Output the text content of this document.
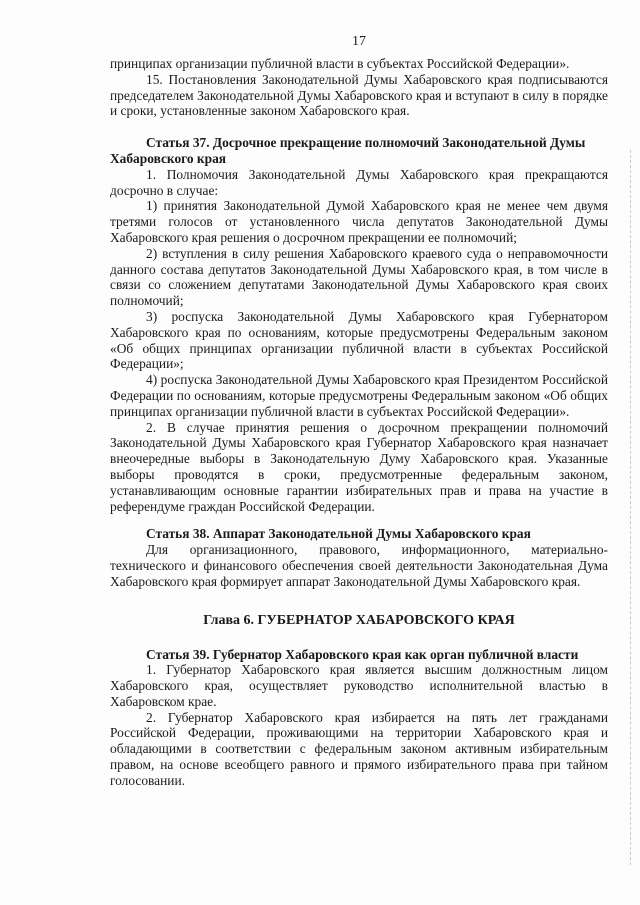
17

принципах организации публичной власти в субъектах Российской Федерации».

15. Постановления Законодательной Думы Хабаровского края подписываются председателем Законодательной Думы Хабаровского края и вступают в силу в порядке и сроки, установленные законом Хабаровского края.

Статья 37. Досрочное прекращение полномочий Законодательной Думы Хабаровского края

1. Полномочия Законодательной Думы Хабаровского края прекращаются досрочно в случае:

1) принятия Законодательной Думой Хабаровского края не менее чем двумя третями голосов от установленного числа депутатов Законодательной Думы Хабаровского края решения о досрочном прекращении ее полномочий;

2) вступления в силу решения Хабаровского краевого суда о неправомочности данного состава депутатов Законодательной Думы Хабаровского края, в том числе в связи со сложением депутатами Законодательной Думы Хабаровского края своих полномочий;

3) роспуска Законодательной Думы Хабаровского края Губернатором Хабаровского края по основаниям, которые предусмотрены Федеральным законом «Об общих принципах организации публичной власти в субъектах Российской Федерации»;

4) роспуска Законодательной Думы Хабаровского края Президентом Российской Федерации по основаниям, которые предусмотрены Федеральным законом «Об общих принципах организации публичной власти в субъектах Российской Федерации».

2. В случае принятия решения о досрочном прекращении полномочий Законодательной Думы Хабаровского края Губернатор Хабаровского края назначает внеочередные выборы в Законодательную Думу Хабаровского края. Указанные выборы проводятся в сроки, предусмотренные федеральным законом, устанавливающим основные гарантии избирательных прав и права на участие в референдуме граждан Российской Федерации.

Статья 38. Аппарат Законодательной Думы Хабаровского края

Для организационного, правового, информационного, материально-технического и финансового обеспечения своей деятельности Законодательная Дума Хабаровского края формирует аппарат Законодательной Думы Хабаровского края.

Глава 6. ГУБЕРНАТОР ХАБАРОВСКОГО КРАЯ

Статья 39. Губернатор Хабаровского края как орган публичной власти

1. Губернатор Хабаровского края является высшим должностным лицом Хабаровского края, осуществляет руководство исполнительной властью в Хабаровском крае.

2. Губернатор Хабаровского края избирается на пять лет гражданами Российской Федерации, проживающими на территории Хабаровского края и обладающими в соответствии с федеральным законом активным избирательным правом, на основе всеобщего равного и прямого избирательного права при тайном голосовании.
